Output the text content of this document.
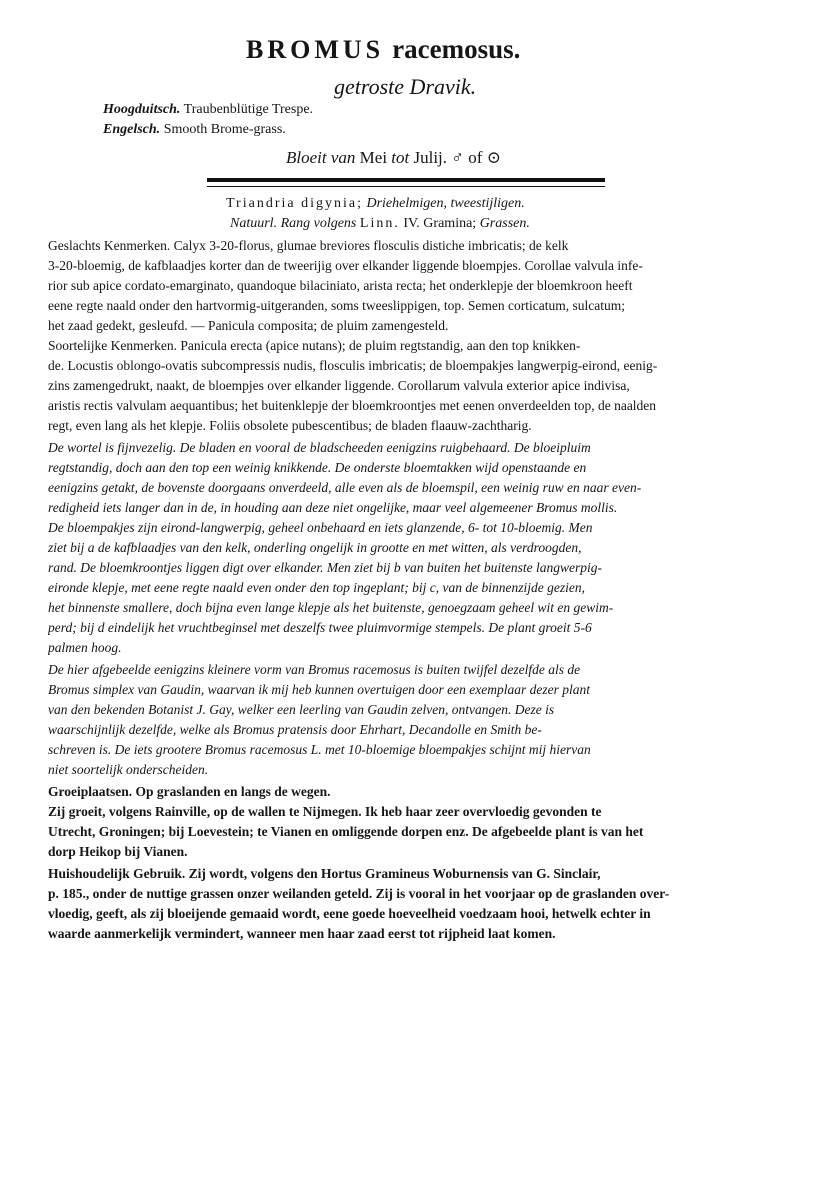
BROMUS racemosus.
getroste Dravik.
Hoogduitsch. Traubenblütige Trespe.
Engelsch. Smooth Brome-grass.
Bloeit van Mei tot Julij. ♂ of ⊙
Triandria digynia; Driehelmigen, tweestijligen.
Natuurl. Rang volgens Linn. IV. Gramina; Grassen.
Geslachts Kenmerken. Calyx 3-20-florus, glumae breviores flosculis distiche imbricatis; de kelk
3-20-bloemig, de kafblaadjes korter dan de tweerijig over elkander liggende bloempjes. Corollae valvula infe-
rior sub apice cordato-emarginato, quandoque bilaciniato, arista recta; het onderklepje der bloemkroon heeft
eene regte naald onder den hartvormig-uitgeranden, soms tweeslippigen, top. Semen corticatum, sulcatum;
het zaad gedekt, gesleufd. — Panicula composita; de pluim zamengesteld.
Soortelijke Kenmerken. Panicula erecta (apice nutans); de pluim regtstandig, aan den top knikken-
de. Locustis oblongo-ovatis subcompressis nudis, flosculis imbricatis; de bloempakjes langwerpig-eirond, eenig-
zins zamengedrukt, naakt, de bloempjes over elkander liggende. Corollarum valvula exterior apice indivisa,
aristis rectis valvulam aequantibus; het buitenklepje der bloemkroontjes met eenen onverdeelden top, de naalden
regt, even lang als het klepje. Foliis obsolete pubescentibus; de bladen flaauw-zachtharig.
De wortel is fijnvezelig. De bladen en vooral de bladscheeden eenigzins ruigbehaard. De bloeipluim
regtstandig, doch aan den top een weinig knikkende. De onderste bloemtakken wijd openstaande en
eenigzins getakt, de bovenste doorgaans onverdeeld, alle even als de bloemspil, een weinig ruw en naar even-
redigheid iets langer dan in de, in houding aan deze niet ongelijke, maar veel algemeener Bromus mollis.
De bloempakjes zijn eirond-langwerpig, geheel onbehaard en iets glanzende, 6- tot 10-bloemig. Men
ziet bij a de kafblaadjes van den kelk, onderling ongelijk in grootte en met witten, als verdroogden,
rand. De bloemkroontjes liggen digt over elkander. Men ziet bij b van buiten het buitenste langwerpig-
eironde klepje, met eene regte naald even onder den top ingeplant; bij c, van de binnenzijde gezien,
het binnenste smallere, doch bijna even lange klepje als het buitenste, genoegzaam geheel wit en gewim-
perd; bij d eindelijk het vruchtbeginsel met deszelfs twee pluimvormige stempels. De plant groeit 5-6
palmen hoog.
De hier afgebeelde eenigzins kleinere vorm van Bromus racemosus is buiten twijfel dezelfde als de
Bromus simplex van Gaudin, waarvan ik mij heb kunnen overtuigen door een exemplaar dezer plant
van den bekenden Botanist J. Gay, welker een leerling van Gaudin zelven, ontvangen. Deze is
waarschijnlijk dezelfde, welke als Bromus pratensis door Ehrhart, Decandolle en Smith be-
schreven is. De iets grootere Bromus racemosus L. met 10-bloemige bloempakjes schijnt mij hiervan
niet soortelijk onderscheiden.
Groeiplaatsen. Op graslanden en langs de wegen.
Zij groeit, volgens Rainville, op de wallen te Nijmegen. Ik heb haar zeer overvloedig gevonden te
Utrecht, Groningen; bij Loevestein; te Vianen en omliggende dorpen enz. De afgebeelde plant is van het
dorp Heikop bij Vianen.
Huishoudelijk Gebruik. Zij wordt, volgens den Hortus Gramineus Woburnensis van G. Sinclair,
p. 185., onder de nuttige grassen onzer weilanden geteld. Zij is vooral in het voorjaar op de graslanden over-
vloedig, geeft, als zij bloeijende gemaaid wordt, eene goede hoeveelheid voedzaam hooi, hetwelk echter in
waarde aanmerkelijk vermindert, wanneer men haar zaad eerst tot rijpheid laat komen.
